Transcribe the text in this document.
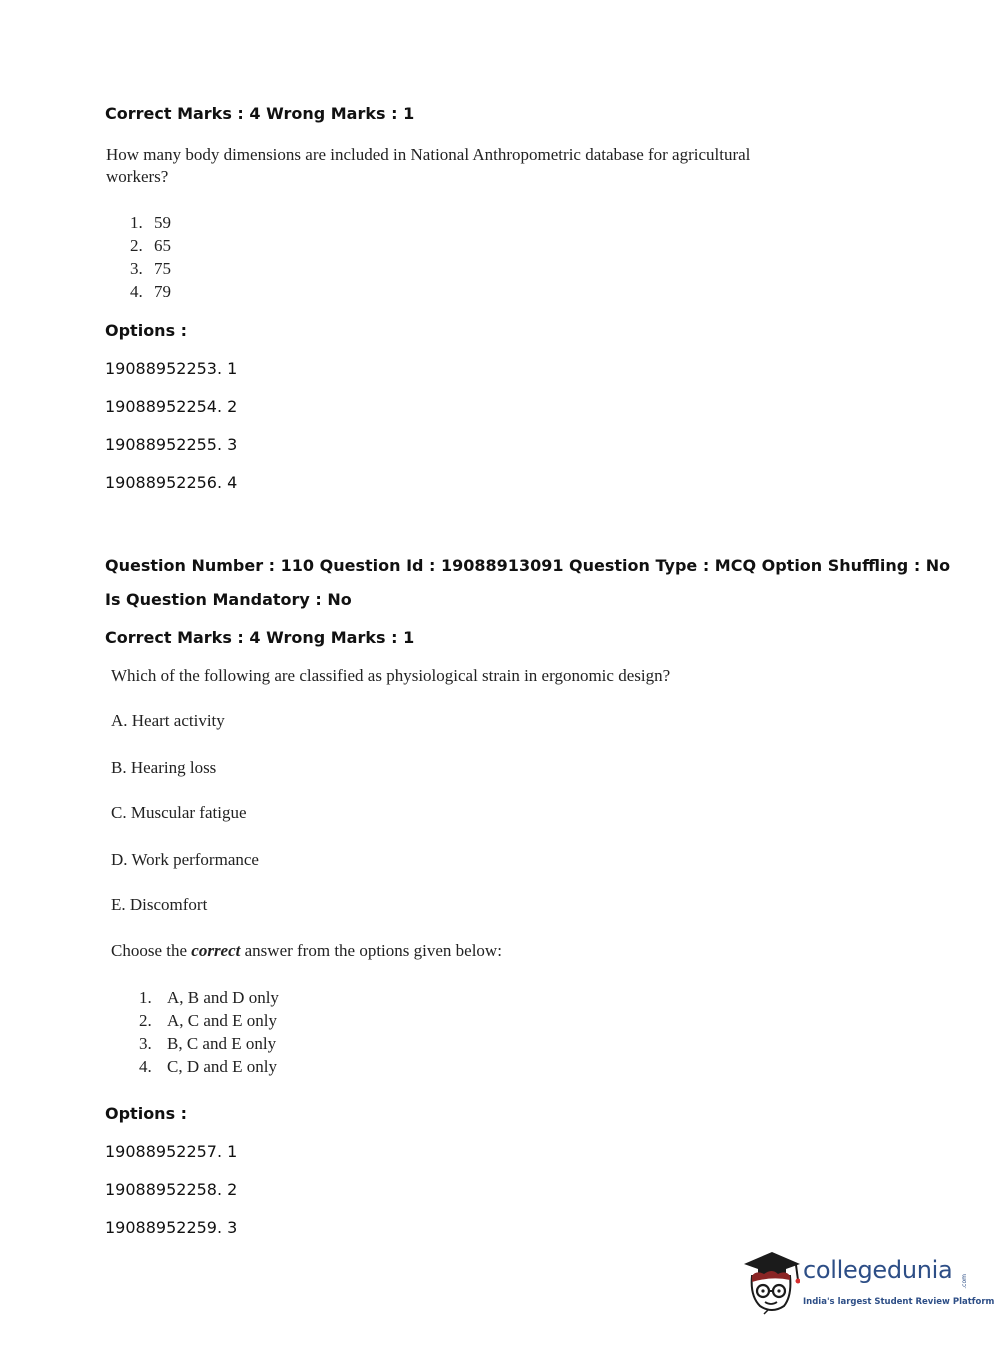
Correct Marks : 4 Wrong Marks : 1
How many body dimensions are included in National Anthropometric database for agricultural
workers?
1. 59
2. 65
3. 75
4. 79
Options :
19088952253. 1
19088952254. 2
19088952255. 3
19088952256. 4
Question Number : 110 Question Id : 19088913091 Question Type : MCQ Option Shuffling : No
Is Question Mandatory : No
Correct Marks : 4 Wrong Marks : 1
Which of the following are classified as physiological strain in ergonomic design?
A. Heart activity
B. Hearing loss
C. Muscular fatigue
D. Work performance
E. Discomfort
Choose the correct answer from the options given below:
1. A, B and D only
2. A, C and E only
3. B, C and E only
4. C, D and E only
Options :
19088952257. 1
19088952258. 2
19088952259. 3
collegedunia .com
India's largest Student Review Platform
